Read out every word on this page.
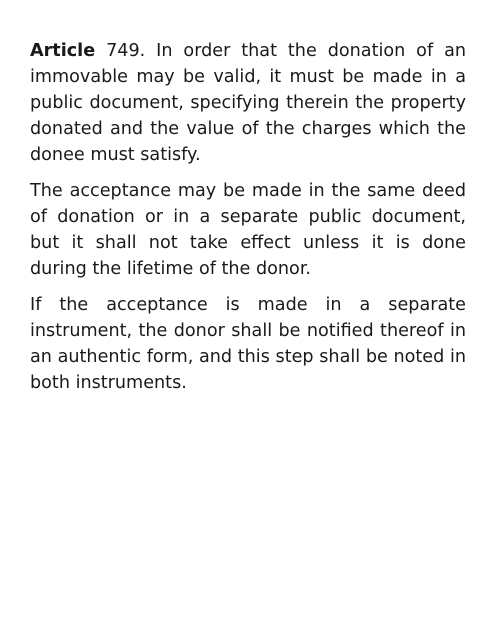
Article 749. In order that the donation of an immovable may be valid, it must be made in a public document, specifying therein the property donated and the value of the charges which the donee must satisfy.

The acceptance may be made in the same deed of donation or in a separate public document, but it shall not take effect unless it is done during the lifetime of the donor.

If the acceptance is made in a separate instrument, the donor shall be notified thereof in an authentic form, and this step shall be noted in both instruments.
